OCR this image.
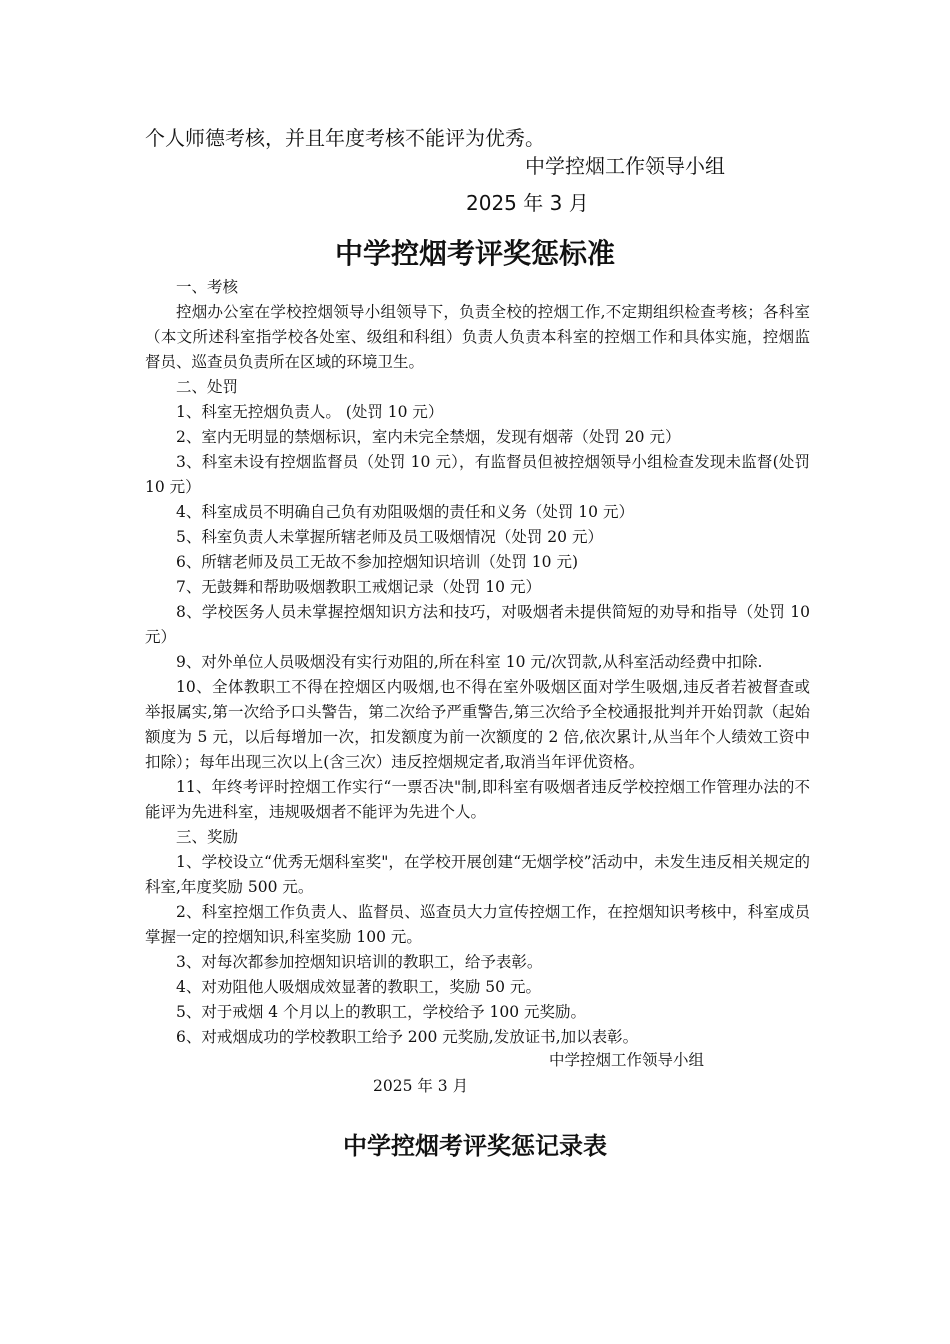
个人师德考核，并且年度考核不能评为优秀。
中学控烟工作领导小组
2025 年 3 月
中学控烟考评奖惩标准

一、考核

控烟办公室在学校控烟领导小组领导下，负责全校的控烟工作,不定期组织检查考核；各科室（本文所述科室指学校各处室、级组和科组）负责人负责本科室的控烟工作和具体实施，控烟监督员、巡查员负责所在区域的环境卫生。

二、处罚

1、科室无控烟负责人。 (处罚 10 元）

2、室内无明显的禁烟标识，室内未完全禁烟，发现有烟蒂（处罚 20 元）

3、科室未设有控烟监督员（处罚 10 元），有监督员但被控烟领导小组检查发现未监督(处罚 10 元）

4、科室成员不明确自己负有劝阻吸烟的责任和义务（处罚 10 元）

5、科室负责人未掌握所辖老师及员工吸烟情况（处罚 20 元）

6、所辖老师及员工无故不参加控烟知识培训（处罚 10 元)

7、无鼓舞和帮助吸烟教职工戒烟记录（处罚 10 元）

8、学校医务人员未掌握控烟知识方法和技巧，对吸烟者未提供简短的劝导和指导（处罚 10 元）

9、对外单位人员吸烟没有实行劝阻的,所在科室 10 元/次罚款,从科室活动经费中扣除.

10、全体教职工不得在控烟区内吸烟,也不得在室外吸烟区面对学生吸烟,违反者若被督查或举报属实,第一次给予口头警告，第二次给予严重警告,第三次给予全校通报批判并开始罚款（起始额度为 5 元，以后每增加一次，扣发额度为前一次额度的 2 倍,依次累计,从当年个人绩效工资中扣除）；每年出现三次以上(含三次）违反控烟规定者,取消当年评优资格。

11、年终考评时控烟工作实行“一票否决"制,即科室有吸烟者违反学校控烟工作管理办法的不能评为先进科室，违规吸烟者不能评为先进个人。

三、奖励

1、学校设立“优秀无烟科室奖"，在学校开展创建“无烟学校”活动中，未发生违反相关规定的科室,年度奖励 500 元。

2、科室控烟工作负责人、监督员、巡查员大力宣传控烟工作，在控烟知识考核中，科室成员掌握一定的控烟知识,科室奖励 100 元。

3、对每次都参加控烟知识培训的教职工，给予表彰。

4、对劝阻他人吸烟成效显著的教职工，奖励 50 元。

5、对于戒烟 4 个月以上的教职工，学校给予 100 元奖励。

6、对戒烟成功的学校教职工给予 200 元奖励,发放证书,加以表彰。

中学控烟工作领导小组
2025 年 3 月
中学控烟考评奖惩记录表
